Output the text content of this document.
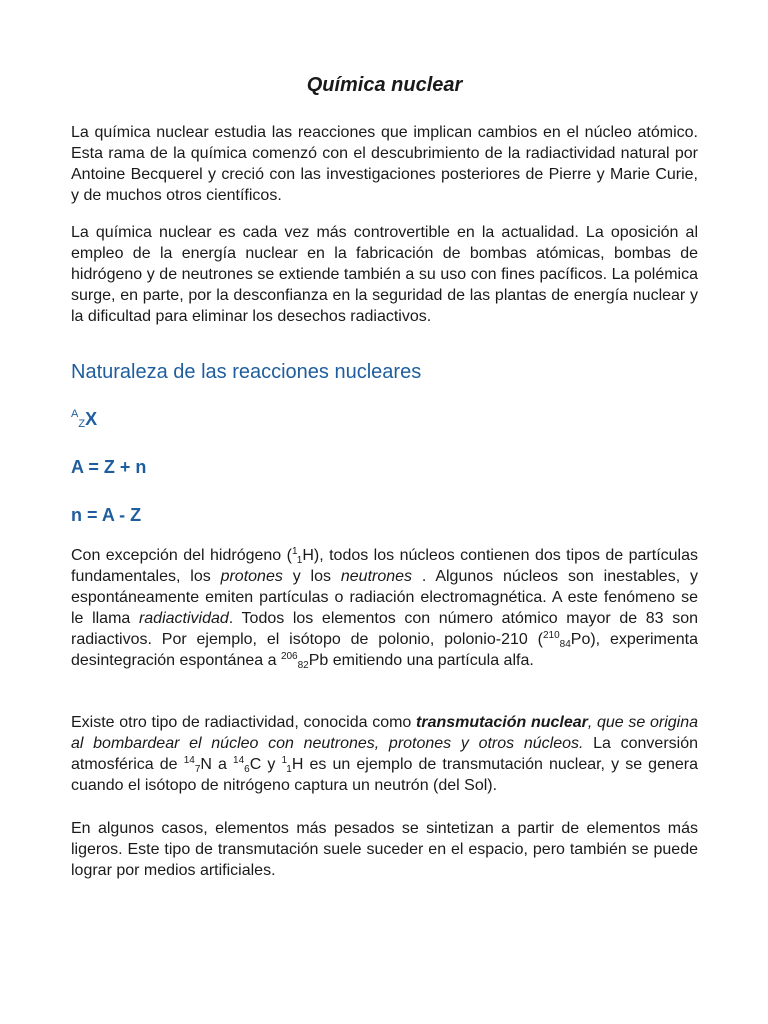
Química nuclear

La química nuclear estudia las reacciones que implican cambios en el núcleo atómico. Esta rama de la química comenzó con el descubrimiento de la radiactividad natural por Antoine Becquerel y creció con las investigaciones posteriores de Pierre y Marie Curie, y de muchos otros científicos.

La química nuclear es cada vez más controvertible en la actualidad. La oposición al empleo de la energía nuclear en la fabricación de bombas atómicas, bombas de hidrógeno y de neutrones se extiende también a su uso con fines pacíficos. La polémica surge, en parte, por la desconfianza en la seguridad de las plantas de energía nuclear y la dificultad para eliminar los desechos radiactivos.

Naturaleza de las reacciones nucleares
$^A_Z$X
A = Z + n
n = A - Z

Con excepción del hidrógeno ($^1_1$H), todos los núcleos contienen dos tipos de partículas fundamentales, los protones y los neutrones . Algunos núcleos son inestables, y espontáneamente emiten partículas o radiación electromagnética. A este fenómeno se le llama radiactividad. Todos los elementos con número atómico mayor de 83 son radiactivos. Por ejemplo, el isótopo de polonio, polonio-210 ($^{210}_{84}$Po), experimenta desintegración espontánea a $^{206}_{82}$Pb emitiendo una partícula alfa.

Existe otro tipo de radiactividad, conocida como transmutación nuclear, que se origina al bombardear el núcleo con neutrones, protones y otros núcleos. La conversión atmosférica de $^{14}_7$N a $^{14}_6$C y $^1_1$H es un ejemplo de transmutación nuclear, y se genera cuando el isótopo de nitrógeno captura un neutrón (del Sol).

En algunos casos, elementos más pesados se sintetizan a partir de elementos más ligeros. Este tipo de transmutación suele suceder en el espacio, pero también se puede lograr por medios artificiales.
